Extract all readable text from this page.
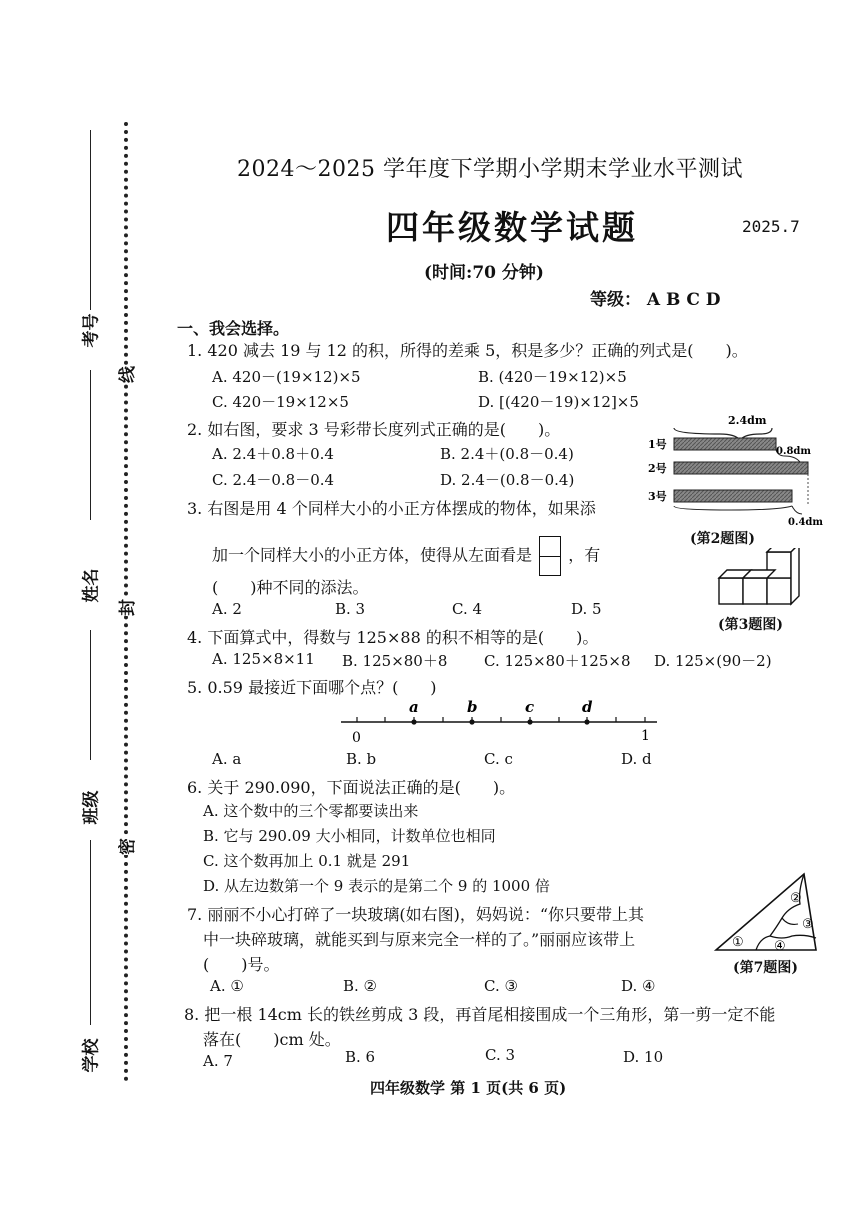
考号
姓名
班级
学校
线
封
密
2024～2025 学年度下学期小学期末学业水平测试
四年级数学试题	2025.7
(时间:70 分钟)
等级： A B C D
一、我会选择。
1. 420 减去 19 与 12 的积，所得的差乘 5，积是多少？正确的列式是(　　)。
A. 420－(19×12)×5	B. (420－19×12)×5
C. 420－19×12×5	D. [(420－19)×12]×5
2. 如右图，要求 3 号彩带长度列式正确的是(　　)。
A. 2.4＋0.8＋0.4	B. 2.4＋(0.8－0.4)
C. 2.4－0.8－0.4	D. 2.4－(0.8－0.4)
2.4dm
1号
0.8dm
2号
3号
0.4dm
(第2题图)
3. 右图是用 4 个同样大小的小正方体摆成的物体，如果添
加一个同样大小的小正方体，使得从左面看是 ，有
(　　)种不同的添法。
A. 2	B. 3	C. 4	D. 5
(第3题图)
4. 下面算式中，得数与 125×88 的积不相等的是(　　)。
A. 125×8×11 B. 125×80＋8 C. 125×80＋125×8 D. 125×(90－2)
5. 0.59 最接近下面哪个点？(　　)
a	b	c	d
0	1
A. a	B. b	C. c	D. d
6. 关于 290.090，下面说法正确的是(　　)。
A. 这个数中的三个零都要读出来
B. 它与 290.09 大小相同，计数单位也相同
C. 这个数再加上 0.1 就是 291
D. 从左边数第一个 9 表示的是第二个 9 的 1000 倍
7. 丽丽不小心打碎了一块玻璃(如右图)，妈妈说：“你只要带上其
中一块碎玻璃，就能买到与原来完全一样的了。”丽丽应该带上
(　　)号。
A. ①	B. ②	C. ③	D. ④
①
②
③
④
(第7题图)
8. 把一根 14cm 长的铁丝剪成 3 段，再首尾相接围成一个三角形，第一剪一定不能
落在(　　)cm 处。
A. 7	B. 6	C. 3	D. 10
四年级数学 第 1 页(共 6 页)
